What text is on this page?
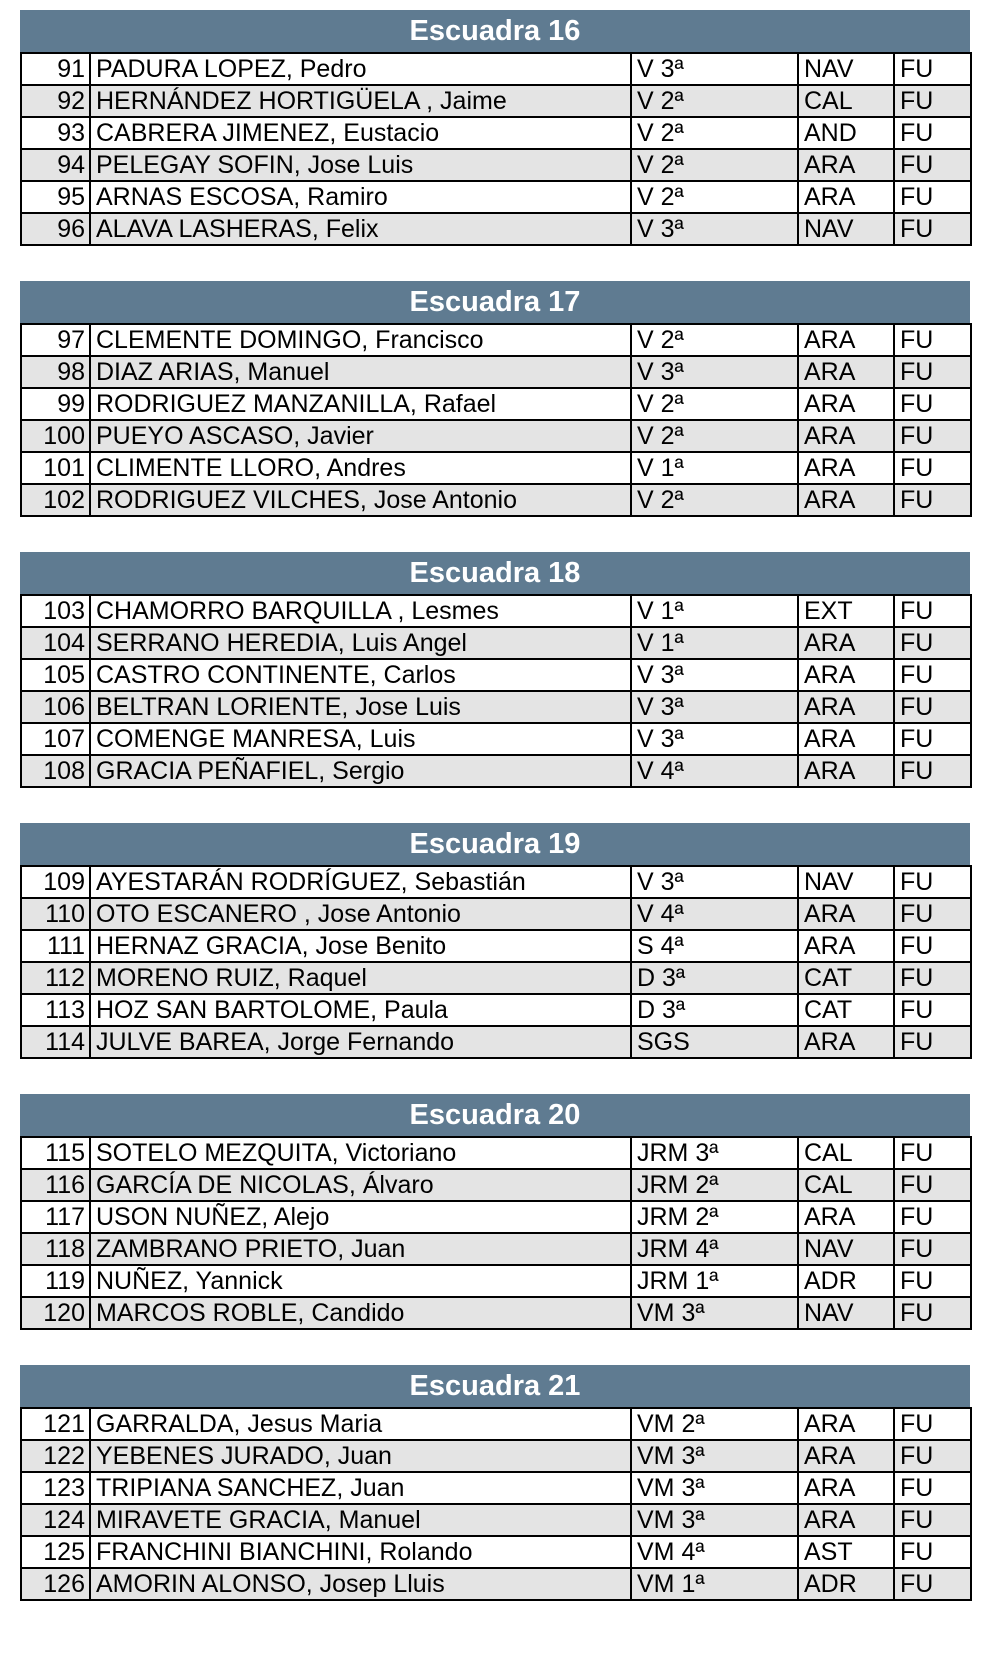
Escuadra 16
91	PADURA LOPEZ, Pedro	V 3ª	NAV	FU
92	HERNÁNDEZ HORTIGÜELA , Jaime	V 2ª	CAL	FU
93	CABRERA JIMENEZ, Eustacio	V 2ª	AND	FU
94	PELEGAY SOFIN, Jose Luis	V 2ª	ARA	FU
95	ARNAS ESCOSA, Ramiro	V 2ª	ARA	FU
96	ALAVA LASHERAS, Felix	V 3ª	NAV	FU
Escuadra 17
97	CLEMENTE DOMINGO, Francisco	V 2ª	ARA	FU
98	DIAZ ARIAS, Manuel	V 3ª	ARA	FU
99	RODRIGUEZ MANZANILLA, Rafael	V 2ª	ARA	FU
100	PUEYO ASCASO, Javier	V 2ª	ARA	FU
101	CLIMENTE LLORO, Andres	V 1ª	ARA	FU
102	RODRIGUEZ VILCHES, Jose Antonio	V 2ª	ARA	FU
Escuadra 18
103	CHAMORRO BARQUILLA , Lesmes	V 1ª	EXT	FU
104	SERRANO HEREDIA, Luis Angel	V 1ª	ARA	FU
105	CASTRO CONTINENTE, Carlos	V 3ª	ARA	FU
106	BELTRAN LORIENTE, Jose Luis	V 3ª	ARA	FU
107	COMENGE MANRESA, Luis	V 3ª	ARA	FU
108	GRACIA PEÑAFIEL, Sergio	V 4ª	ARA	FU
Escuadra 19
109	AYESTARÁN RODRÍGUEZ, Sebastián	V 3ª	NAV	FU
110	OTO ESCANERO , Jose Antonio	V 4ª	ARA	FU
111	HERNAZ GRACIA, Jose Benito	S 4ª	ARA	FU
112	MORENO RUIZ, Raquel	D 3ª	CAT	FU
113	HOZ SAN BARTOLOME, Paula	D 3ª	CAT	FU
114	JULVE BAREA, Jorge Fernando	SGS	ARA	FU
Escuadra 20
115	SOTELO MEZQUITA, Victoriano	JRM 3ª	CAL	FU
116	GARCÍA DE NICOLAS, Álvaro	JRM 2ª	CAL	FU
117	USON NUÑEZ, Alejo	JRM 2ª	ARA	FU
118	ZAMBRANO PRIETO, Juan	JRM 4ª	NAV	FU
119	NUÑEZ, Yannick	JRM 1ª	ADR	FU
120	MARCOS ROBLE, Candido	VM 3ª	NAV	FU
Escuadra 21
121	GARRALDA, Jesus Maria	VM 2ª	ARA	FU
122	YEBENES JURADO, Juan	VM 3ª	ARA	FU
123	TRIPIANA SANCHEZ, Juan	VM 3ª	ARA	FU
124	MIRAVETE GRACIA, Manuel	VM 3ª	ARA	FU
125	FRANCHINI BIANCHINI, Rolando	VM 4ª	AST	FU
126	AMORIN ALONSO, Josep Lluis	VM 1ª	ADR	FU
